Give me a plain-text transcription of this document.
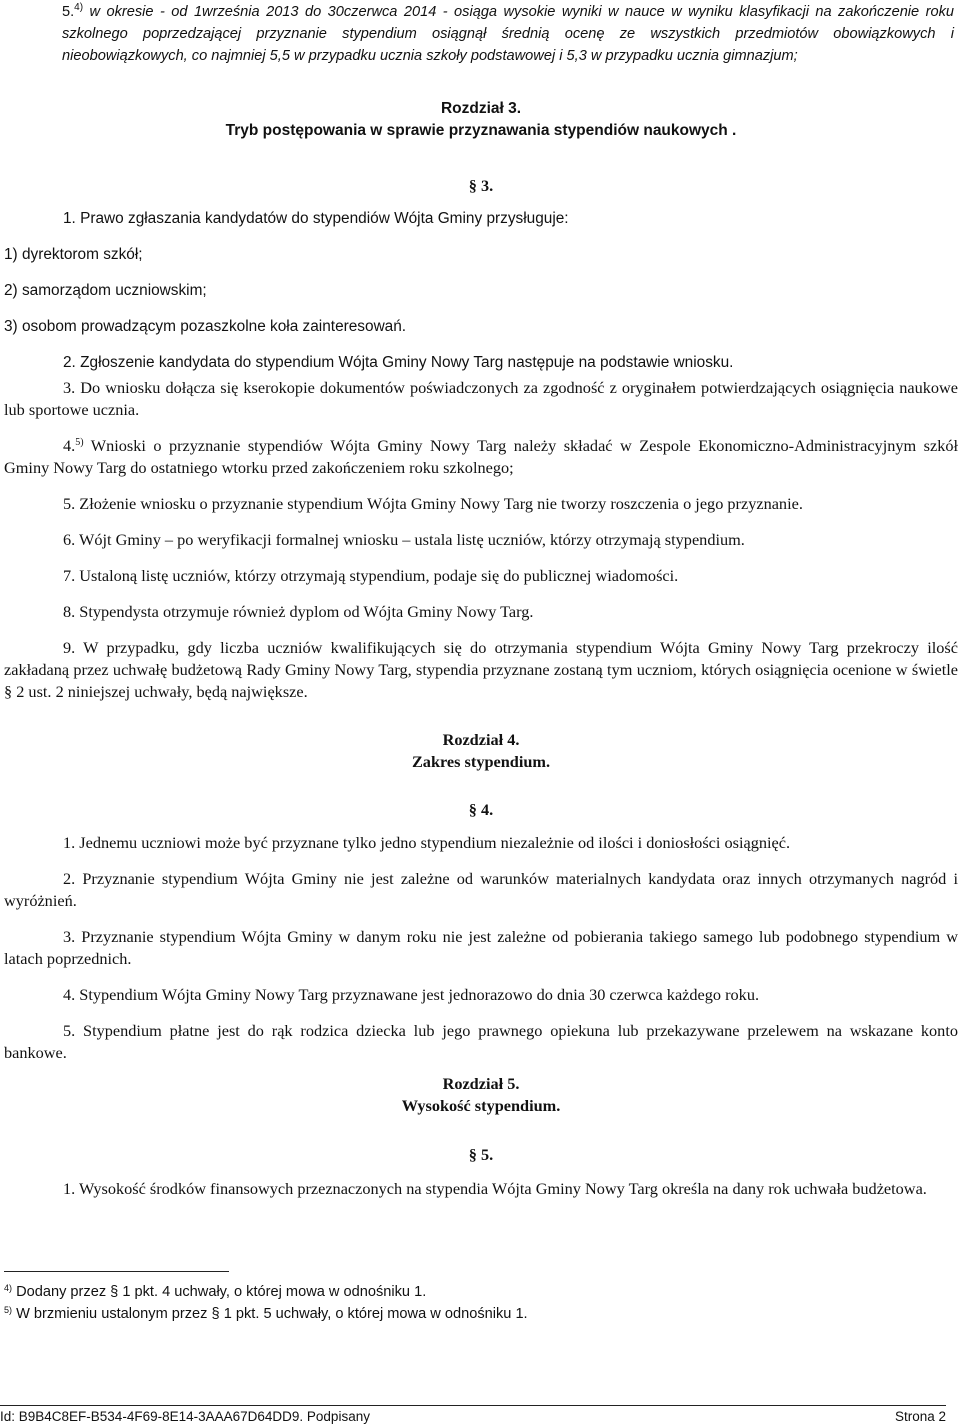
5.$^{4)}$ w okresie - od 1września 2013 do 30czerwca 2014 - osiąga wysokie wyniki w nauce w wyniku klasyfikacji na zakończenie roku szkolnego poprzedzającej przyznanie stypendium osiągnął średnią ocenę ze wszystkich przedmiotów obowiązkowych i nieobowiązkowych, co najmniej 5,5 w przypadku ucznia szkoły podstawowej i 5,3 w przypadku ucznia gimnazjum;

Rozdział 3.

Tryb postępowania w sprawie przyznawania stypendiów naukowych .

§ 3.

1. Prawo zgłaszania kandydatów do stypendiów Wójta Gminy przysługuje:

1) dyrektorom szkół;

2) samorządom uczniowskim;

3) osobom prowadzącym pozaszkolne koła zainteresowań.

2. Zgłoszenie kandydata do stypendium Wójta Gminy Nowy Targ następuje na podstawie wniosku.

3. Do wniosku dołącza się kserokopie dokumentów poświadczonych za zgodność z oryginałem potwierdzających osiągnięcia naukowe lub sportowe ucznia.

4.$^{5)}$ Wnioski o przyznanie stypendiów Wójta Gminy Nowy Targ należy składać w Zespole Ekonomiczno-Administracyjnym szkół Gminy Nowy Targ do ostatniego wtorku przed zakończeniem roku szkolnego;

5. Złożenie wniosku o przyznanie stypendium Wójta Gminy Nowy Targ nie tworzy roszczenia o jego przyznanie.

6. Wójt Gminy – po weryfikacji formalnej wniosku – ustala listę uczniów, którzy otrzymają stypendium.

7. Ustaloną listę uczniów, którzy otrzymają stypendium, podaje się do publicznej wiadomości.

8. Stypendysta otrzymuje również dyplom od Wójta Gminy Nowy Targ.

9. W przypadku, gdy liczba uczniów kwalifikujących się do otrzymania stypendium Wójta Gminy Nowy Targ przekroczy ilość zakładaną przez uchwałę budżetową Rady Gminy Nowy Targ, stypendia przyznane zostaną tym uczniom, których osiągnięcia ocenione w świetle § 2 ust. 2 niniejszej uchwały, będą największe.

Rozdział 4.

Zakres stypendium.

§ 4.

1. Jednemu uczniowi może być przyznane tylko jedno stypendium niezależnie od ilości i doniosłości osiągnięć.

2. Przyznanie stypendium Wójta Gminy nie jest zależne od warunków materialnych kandydata oraz innych otrzymanych nagród i wyróżnień.

3. Przyznanie stypendium Wójta Gminy w danym roku nie jest zależne od pobierania takiego samego lub podobnego stypendium w latach poprzednich.

4. Stypendium Wójta Gminy Nowy Targ przyznawane jest jednorazowo do dnia 30 czerwca każdego roku.

5. Stypendium płatne jest do rąk rodzica dziecka lub jego prawnego opiekuna lub przekazywane przelewem na wskazane konto bankowe.

Rozdział 5.

Wysokość stypendium.

§ 5.

1. Wysokość środków finansowych przeznaczonych na stypendia Wójta Gminy Nowy Targ określa na dany rok uchwała budżetowa.

$^{4)}$ Dodany przez § 1 pkt. 4 uchwały, o której mowa w odnośniku 1.

$^{5)}$ W brzmieniu ustalonym przez § 1 pkt. 5 uchwały, o której mowa w odnośniku 1.

Id: B9B4C8EF-B534-4F69-8E14-3AAA67D64DD9. Podpisany	Strona 2
